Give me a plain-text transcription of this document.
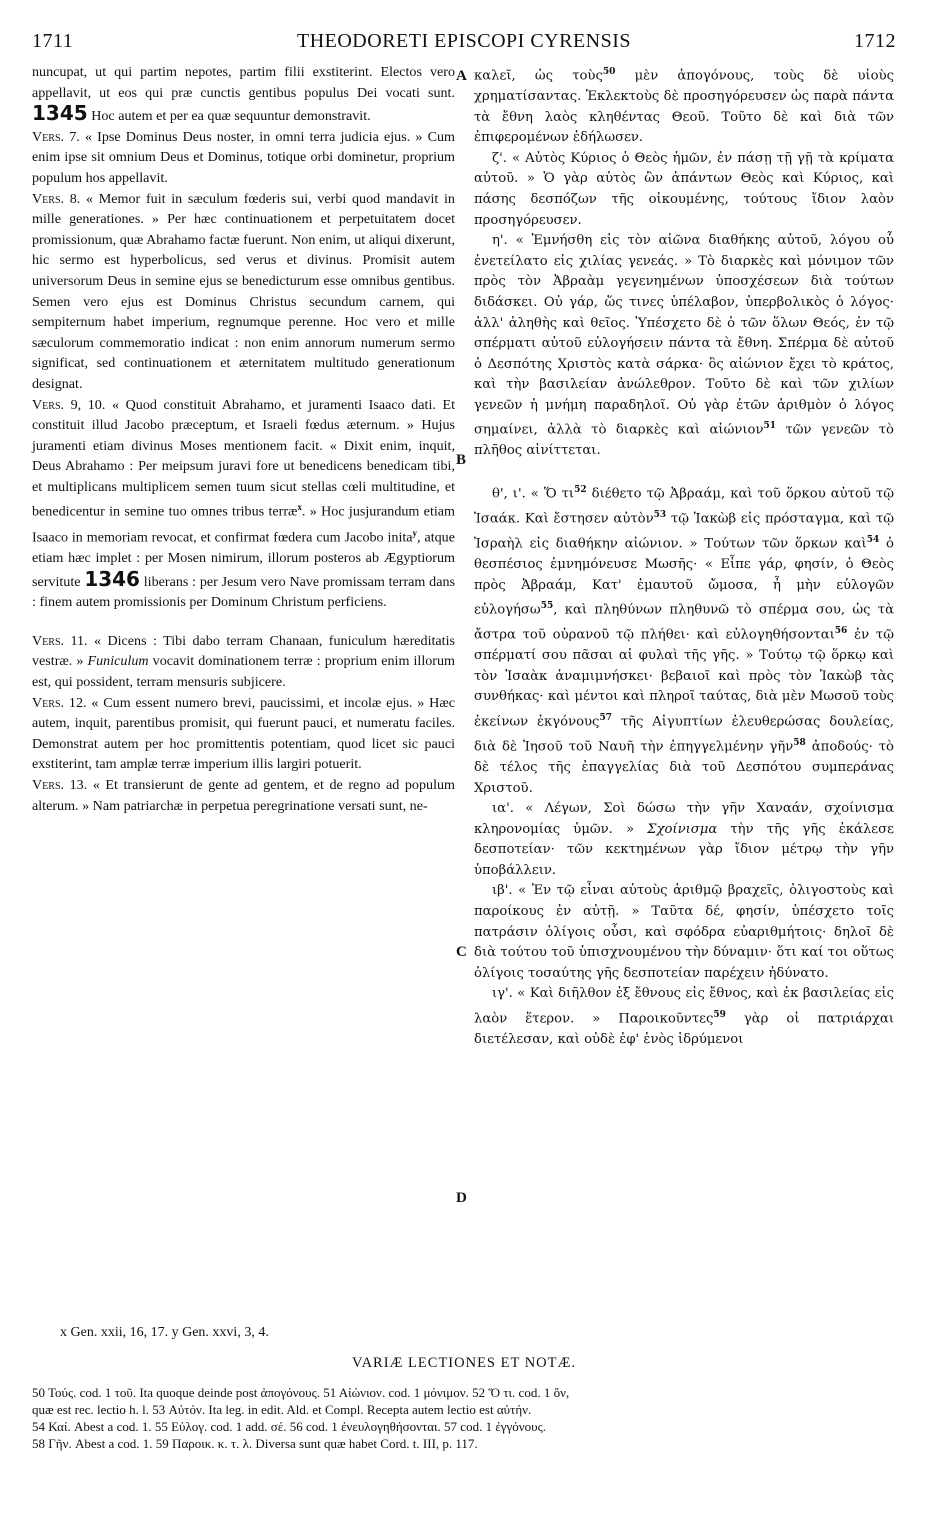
1711	THEODORETI EPISCOPI CYRENSIS	1712
A
B
C
D

nuncupat, ut qui partim nepotes, partim filii exstiterint. Electos vero appellavit, ut eos qui præ cunctis gentibus populus Dei vocati sunt. 1345 Hoc autem et per ea quæ sequuntur demonstravit.

Vers. 7. « Ipse Dominus Deus noster, in omni terra judicia ejus. » Cum enim ipse sit omnium Deus et Dominus, totique orbi dominetur, proprium populum hos appellavit.

Vers. 8. « Memor fuit in sæculum fœderis sui, verbi quod mandavit in mille generationes. » Per hæc continuationem et perpetuitatem docet promissionum, quæ Abrahamo factæ fuerunt. Non enim, ut aliqui dixerunt, hic sermo est hyperbolicus, sed verus et divinus. Promisit autem universorum Deus in semine ejus se benedicturum esse omnibus gentibus. Semen vero ejus est Dominus Christus secundum carnem, qui sempiternum habet imperium, regnumque perenne. Hoc vero et mille sæculorum commemoratio indicat : non enim annorum numerum sermo significat, sed continuationem et æternitatem multitudo generationum designat.

Vers. 9, 10. « Quod constituit Abrahamo, et juramenti Isaaco dati. Et constituit illud Jacobo præceptum, et Israeli fœdus æternum. » Hujus juramenti etiam divinus Moses mentionem facit. « Dixit enim, inquit, Deus Abrahamo : Per meipsum juravi fore ut benedicens benedicam tibi, et multiplicans multiplicem semen tuum sicut stellas cœli multitudine, et benedicentur in semine tuo omnes tribus terræ$^x$. » Hoc jusjurandum etiam Isaaco in memoriam revocat, et confirmat fœdera cum Jacobo inita$^y$, atque etiam hæc implet : per Mosen nimirum, illorum posteros ab Ægyptiorum servitute 1346 liberans : per Jesum vero Nave promissam terram dans : finem autem promissionis per Dominum Christum perficiens.

Vers. 11. « Dicens : Tibi dabo terram Chanaan, funiculum hæreditatis vestræ. » Funiculum vocavit dominationem terræ : proprium enim illorum est, qui possident, terram mensuris subjicere.

Vers. 12. « Cum essent numero brevi, paucissimi, et incolæ ejus. » Hæc autem, inquit, parentibus promisit, qui fuerunt pauci, et numeratu faciles. Demonstrat autem per hoc promittentis potentiam, quod licet sic pauci exstiterint, tam amplæ terræ imperium illis largiri potuerit.

Vers. 13. « Et transierunt de gente ad gentem, et de regno ad populum alterum. » Nam patriarchæ in perpetua peregrinatione versati sunt, ne-

καλεῖ, ὡς τοὺς$^{50}$ μὲν ἀπογόνους, τοὺς δὲ υἱοὺς χρηματίσαντας. Ἐκλεκτοὺς δὲ προσηγόρευσεν ὡς παρὰ πάντα τὰ ἔθνη λαὸς κληθέντας Θεοῦ. Τοῦτο δὲ καὶ διὰ τῶν ἐπιφερομένων ἐδήλωσεν.

ζ'. « Αὐτὸς Κύριος ὁ Θεὸς ἡμῶν, ἐν πάσῃ τῇ γῇ τὰ κρίματα αὐτοῦ. » Ὁ γὰρ αὐτὸς ὢν ἁπάντων Θεὸς καὶ Κύριος, καὶ πάσης δεσπόζων τῆς οἰκουμένης, τούτους ἴδιον λαὸν προσηγόρευσεν.

η'. « Ἐμνήσθη εἰς τὸν αἰῶνα διαθήκης αὐτοῦ, λόγου οὗ ἐνετείλατο εἰς χιλίας γενεάς. » Τὸ διαρκὲς καὶ μόνιμον τῶν πρὸς τὸν Ἀβραὰμ γεγενημένων ὑποσχέσεων διὰ τούτων διδάσκει. Οὐ γάρ, ὥς τινες ὑπέλαβον, ὑπερβολικὸς ὁ λόγος· ἀλλ' ἀληθὴς καὶ θεῖος. Ὑπέσχετο δὲ ὁ τῶν ὅλων Θεός, ἐν τῷ σπέρματι αὐτοῦ εὐλογήσειν πάντα τὰ ἔθνη. Σπέρμα δὲ αὐτοῦ ὁ Δεσπότης Χριστὸς κατὰ σάρκα· ὃς αἰώνιον ἔχει τὸ κράτος, καὶ τὴν βασιλείαν ἀνώλεθρον. Τοῦτο δὲ καὶ τῶν χιλίων γενεῶν ἡ μνήμη παραδηλοῖ. Οὐ γὰρ ἐτῶν ἀριθμὸν ὁ λόγος σημαίνει, ἀλλὰ τὸ διαρκὲς καὶ αἰώνιον$^{51}$ τῶν γενεῶν τὸ πλῆθος αἰνίττεται.

θ', ι'. « Ὅ $\tau\iota^{52}$ διέθετο τῷ Ἀβραάμ, καὶ τοῦ ὅρκου αὐτοῦ τῷ Ἰσαάκ. Καὶ ἔστησεν αὐτὸν$^{53}$ τῷ Ἰακὼβ εἰς πρόσταγμα, καὶ τῷ Ἰσραὴλ εἰς διαθήκην αἰώνιον. » Τούτων τῶν ὅρκων καὶ$^{54}$ ὁ θεσπέσιος ἐμνημόνευσε Μωσῆς· « Εἶπε γάρ, φησίν, ὁ Θεὸς πρὸς Ἀβραάμ, Κατ' ἐμαυτοῦ ὤμοσα, ἦ μὴν εὐλογῶν εὐλογήσω$^{55}$, καὶ πληθύνων πληθυνῶ τὸ σπέρμα σου, ὡς τὰ ἄστρα τοῦ οὐρανοῦ τῷ πλήθει· καὶ εὐλογηθήσονται$^{56}$ ἐν τῷ σπέρματί σου πᾶσαι αἱ φυλαὶ τῆς γῆς. » Τούτῳ τῷ ὅρκῳ καὶ τὸν Ἰσαὰκ ἀναμιμνήσκει· βεβαιοῖ καὶ πρὸς τὸν Ἰακὼβ τὰς συνθήκας· καὶ μέντοι καὶ πληροῖ ταύτας, διὰ μὲν Μωσοῦ τοὺς ἐκείνων ἐκγόνους$^{57}$ τῆς Αἰγυπτίων ἐλευθερώσας δουλείας, διὰ δὲ Ἰησοῦ τοῦ Ναυῆ τὴν ἐπηγγελμένην γῆν$^{58}$ ἀποδούς· τὸ δὲ τέλος τῆς ἐπαγγελίας διὰ τοῦ Δεσπότου συμπεράνας Χριστοῦ.

ια'. « Λέγων, Σοὶ δώσω τὴν γῆν Χαναάν, σχοίνισμα κληρονομίας ὑμῶν. » Σχοίνισμα τὴν τῆς γῆς ἐκάλεσε δεσποτείαν· τῶν κεκτημένων γὰρ ἴδιον μέτρῳ τὴν γῆν ὑποβάλλειν.

ιβ'. « Ἐν τῷ εἶναι αὐτοὺς ἀριθμῷ βραχεῖς, ὀλιγοστοὺς καὶ παροίκους ἐν αὐτῇ. » Ταῦτα δέ, φησίν, ὑπέσχετο τοῖς πατράσιν ὀλίγοις οὖσι, καὶ σφόδρα εὐαριθμήτοις· δηλοῖ δὲ διὰ τούτου τοῦ ὑπισχνουμένου τὴν δύναμιν· ὅτι καί τοι οὕτως ὀλίγοις τοσαύτης γῆς δεσποτείαν παρέχειν ἠδύνατο.

ιγ'. « Καὶ διῆλθον ἐξ ἔθνους εἰς ἔθνος, καὶ ἐκ βασιλείας εἰς λαὸν ἕτερον. » Παροικοῦντες$^{59}$ γὰρ οἱ πατριάρχαι διετέλεσαν, καὶ οὐδὲ ἐφ' ἑνὸς ἱδρύμενοι

x Gen. xxii, 16, 17. y Gen. xxvi, 3, 4.
VARIÆ LECTIONES ET NOTÆ.

50 Τούς. cod. 1 τοῦ. Ita quoque deinde post ἀπογόνους. 51 Αἰώνιον. cod. 1 μόνιμον. 52 Ὅ τι. cod. 1 ὅν,

quæ est rec. lectio h. l. 53 Αὐτόν. Ita leg. in edit. Ald. et Compl. Recepta autem lectio est αὐτήν.

54 Καί. Abest a cod. 1. 55 Εὐλογ. cod. 1 add. σέ. 56 cod. 1 ἐνευλογηθήσονται. 57 cod. 1 ἐγγόνους.

58 Γῆν. Abest a cod. 1. 59 Παροικ. κ. τ. λ. Diversa sunt quæ habet Cord. t. III, p. 117.
